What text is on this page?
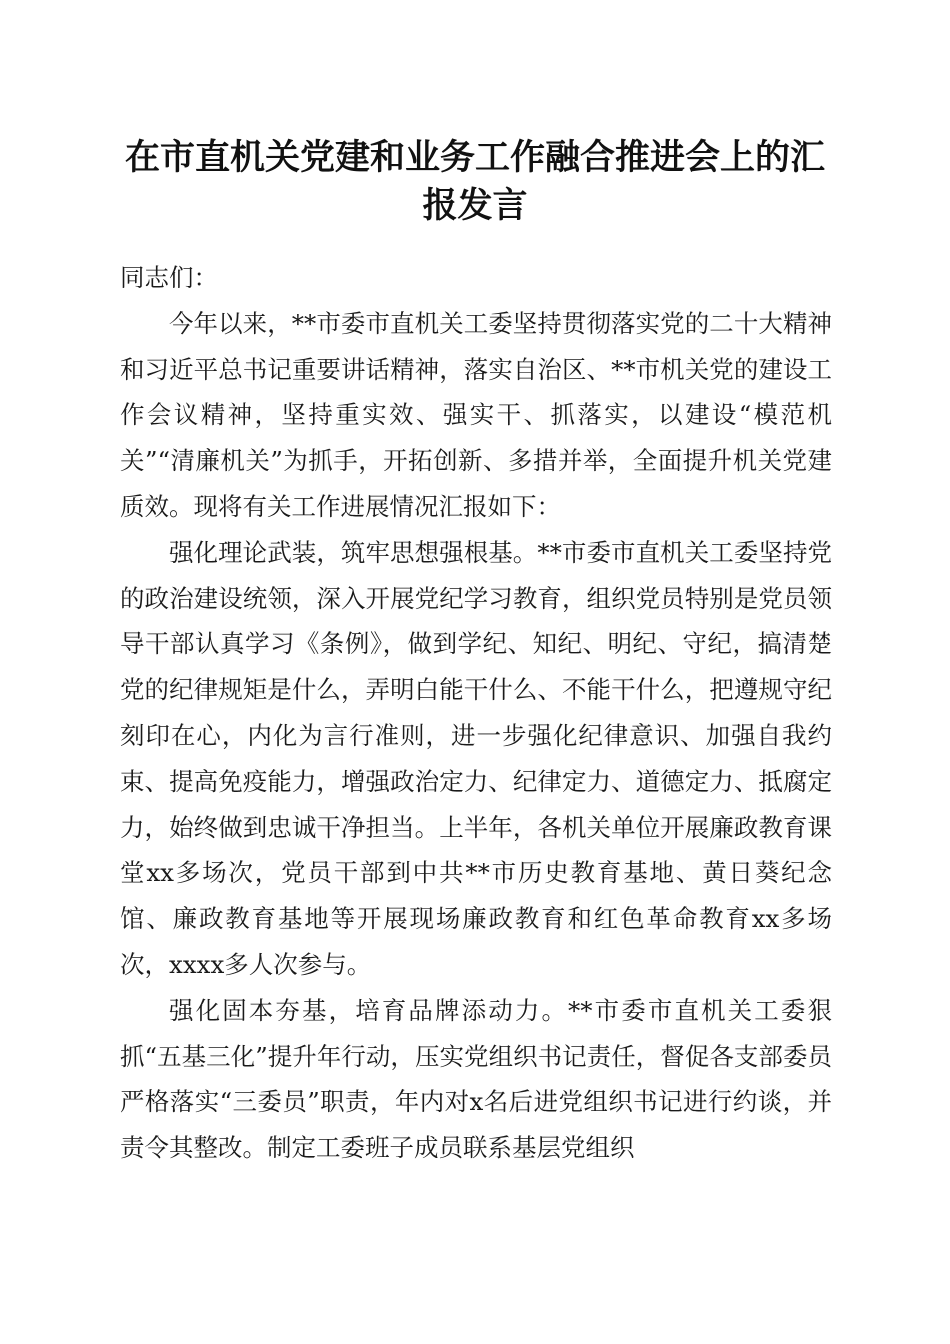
在市直机关党建和业务工作融合推进会上的汇报发言

同志们：

今年以来，**市委市直机关工委坚持贯彻落实党的二十大精神和习近平总书记重要讲话精神，落实自治区、**市机关党的建设工作会议精神，坚持重实效、强实干、抓落实，以建设“模范机关”“清廉机关”为抓手，开拓创新、多措并举，全面提升机关党建质效。现将有关工作进展情况汇报如下：

强化理论武装，筑牢思想强根基。**市委市直机关工委坚持党的政治建设统领，深入开展党纪学习教育，组织党员特别是党员领导干部认真学习《条例》，做到学纪、知纪、明纪、守纪，搞清楚党的纪律规矩是什么，弄明白能干什么、不能干什么，把遵规守纪刻印在心，内化为言行准则，进一步强化纪律意识、加强自我约束、提高免疫能力，增强政治定力、纪律定力、道德定力、抵腐定力，始终做到忠诚干净担当。上半年，各机关单位开展廉政教育课堂xx多场次，党员干部到中共**市历史教育基地、黄日葵纪念馆、廉政教育基地等开展现场廉政教育和红色革命教育xx多场次，xxxx多人次参与。

强化固本夯基，培育品牌添动力。**市委市直机关工委狠抓“五基三化”提升年行动，压实党组织书记责任，督促各支部委员严格落实“三委员”职责，年内对x名后进党组织书记进行约谈，并责令其整改。制定工委班子成员联系基层党组织
